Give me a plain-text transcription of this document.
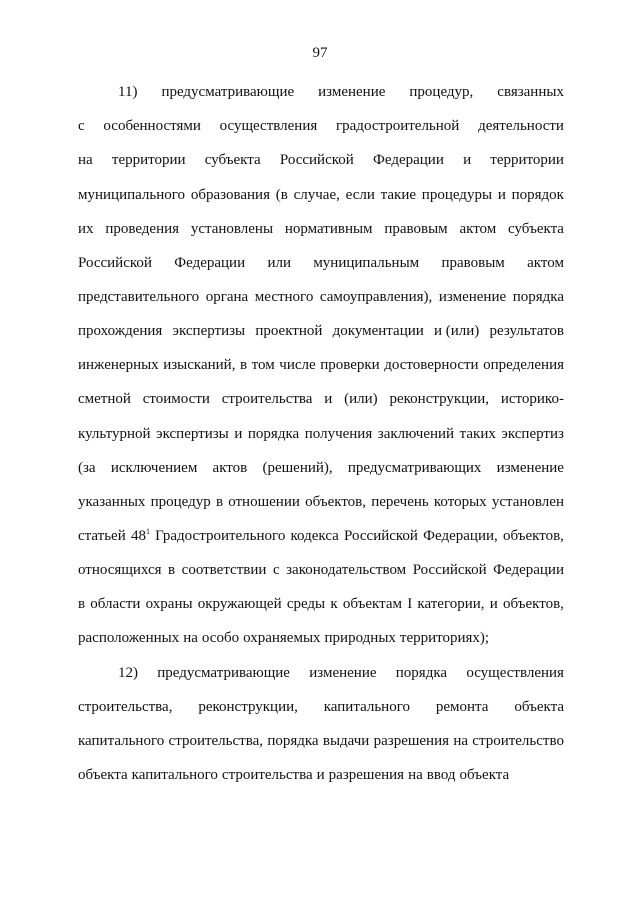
97
11) предусматривающие изменение процедур, связанных
с особенностями осуществления градостроительной деятельности
на территории субъекта Российской Федерации и территории
муниципального образования (в случае, если такие процедуры и порядок
их проведения установлены нормативным правовым актом субъекта
Российской Федерации или муниципальным правовым актом
представительного органа местного самоуправления), изменение порядка
прохождения экспертизы проектной документации и (или) результатов
инженерных изысканий, в том числе проверки достоверности определения
сметной стоимости строительства и (или) реконструкции, историко-
культурной экспертизы и порядка получения заключений таких экспертиз
(за исключением актов (решений), предусматривающих изменение
указанных процедур в отношении объектов, перечень которых установлен
статьей $48^1$ Градостроительного кодекса Российской Федерации, объектов,
относящихся в соответствии с законодательством Российской Федерации
в области охраны окружающей среды к объектам I категории, и объектов,
расположенных на особо охраняемых природных территориях);
12) предусматривающие изменение порядка осуществления
строительства, реконструкции, капитального ремонта объекта
капитального строительства, порядка выдачи разрешения на строительство
объекта капитального строительства и разрешения на ввод объекта
